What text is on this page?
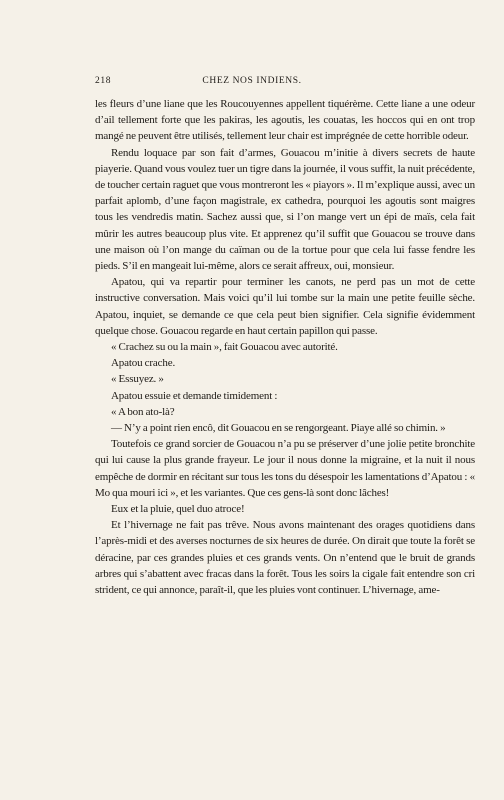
218	CHEZ NOS INDIENS.

les fleurs d’une liane que les Roucouyennes appellent tiquérème. Cette liane a une odeur d’ail tellement forte que les pakiras, les agoutis, les couatas, les hoccos qui en ont trop mangé ne peuvent être utilisés, tellement leur chair est imprégnée de cette horrible odeur.

Rendu loquace par son fait d’armes, Gouacou m’initie à divers secrets de haute piayerie. Quand vous voulez tuer un tigre dans la journée, il vous suffit, la nuit précédente, de toucher certain raguet que vous montreront les « piayors ». Il m’explique aussi, avec un parfait aplomb, d’une façon magistrale, ex cathedra, pourquoi les agoutis sont maigres tous les vendredis matin. Sachez aussi que, si l’on mange vert un épi de maïs, cela fait mûrir les autres beaucoup plus vite. Et apprenez qu’il suffit que Gouacou se trouve dans une maison où l’on mange du caïman ou de la tortue pour que cela lui fasse fendre les pieds. S’il en mangeait lui-même, alors ce serait affreux, oui, monsieur.

Apatou, qui va repartir pour terminer les canots, ne perd pas un mot de cette instructive conversation. Mais voici qu’il lui tombe sur la main une petite feuille sèche. Apatou, inquiet, se demande ce que cela peut bien signifier. Cela signifie évidemment quelque chose. Gouacou regarde en haut certain papillon qui passe.

« Crachez su ou la main », fait Gouacou avec autorité.

Apatou crache.

« Essuyez. »

Apatou essuie et demande timidement :

« A bon ato-là?

— N’y a point rien encô, dit Gouacou en se rengorgeant. Piaye allé so chimin. »

Toutefois ce grand sorcier de Gouacou n’a pu se préserver d’une jolie petite bronchite qui lui cause la plus grande frayeur. Le jour il nous donne la migraine, et la nuit il nous empêche de dormir en récitant sur tous les tons du désespoir les lamentations d’Apatou : « Mo qua mouri ici », et les variantes. Que ces gens-là sont donc lâches!

Eux et la pluie, quel duo atroce!

Et l’hivernage ne fait pas trêve. Nous avons maintenant des orages quotidiens dans l’après-midi et des averses nocturnes de six heures de durée. On dirait que toute la forêt se déracine, par ces grandes pluies et ces grands vents. On n’entend que le bruit de grands arbres qui s’abattent avec fracas dans la forêt. Tous les soirs la cigale fait entendre son cri strident, ce qui annonce, paraît-il, que les pluies vont continuer. L’hivernage, ame-
